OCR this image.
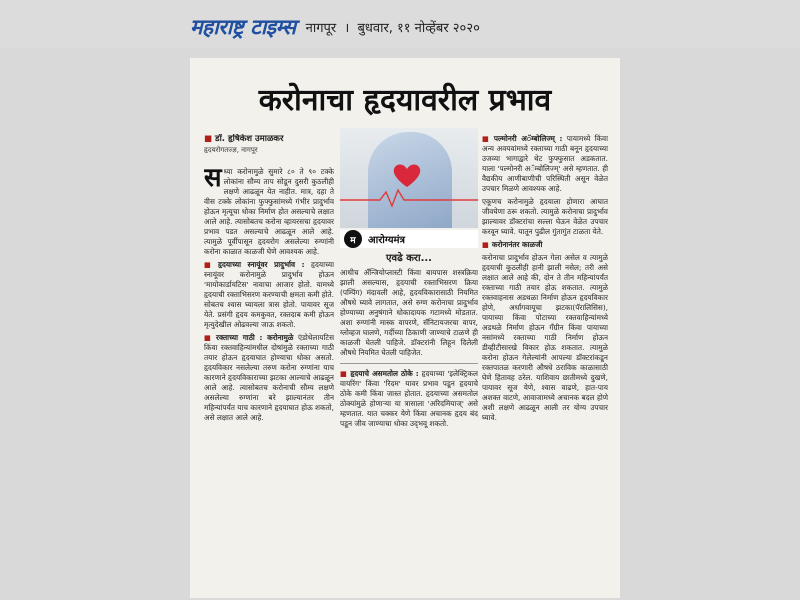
महाराष्ट्र टाइम्स नागपूर । बुधवार, ११ नोव्हेंबर २०२०
करोनाचा हृदयावरील प्रभाव
■ डॉ. हृषिकेश उमाळकर
हृदयरोगतज्ज्ञ, नागपूर

सध्या करोनामुळे सुमारे ८० ते ९० टक्के लोकांना सौम्य ताप सोडून दुसरी कुठलीही लक्षणे आढळून येत नाहीत. मात्र, दहा ते वीस टक्के लोकांना फुफ्फुसांमध्ये गंभीर प्रादुर्भाव होऊन मृत्यूचा धोका निर्माण होत असल्याचे लक्षात आले आहे. त्यासोबतच करोना व्हायरसचा हृदयावर प्रभाव पडत असल्याचे आढळून आले आहे. त्यामुळे पूर्वीपासून हृदयरोग असलेल्या रुग्णांनी करोना काळात काळजी घेणे आवश्यक आहे.

■ हृदयाच्या स्नायूंवर प्रादुर्भाव : हृदयाच्या स्नायूंवर करोनामुळे प्रादुर्भाव होऊन 'मायोकार्डायटिस' नावाचा आजार होतो. यामध्ये हृदयाची रक्ताभिसरण करण्याची क्षमता कमी होते. सोबतच श्वास घ्यायला त्रास होतो. पायावर सूज येते. प्रसंगी हृदय कमकुवत, रक्तदाब कमी होऊन मृत्युदेखील ओढवल्या जाऊ शकतो.

■ रक्ताच्या गाठी : करोनामुळे एंडोथेलायटिस किंवा रक्तवाहिन्यांमधील दोषांमुळे रक्ताच्या गाठी तयार होऊन हृदयाघात होण्याचा धोका असतो. हृदयविकार नसलेल्या तरुण करोना रुग्णांना याच कारणाने हृदयविकाराच्या झटका आल्याचे आढळून आले आहे. त्यासोबतच करोनाची सौम्य लक्षणे असलेल्या रुग्णांना बरे झाल्यानंतर तीन महिन्यांपर्यंत याच कारणाने हृदयाघात होऊ शकतो, असे लक्षात आले आहे.

म	आरोग्यमंत्र
एवढे करा...

आधीच अँन्जियोप्लास्टी किंवा बायपास शस्त्रक्रिया झाली असल्यास, हृदयाची रक्ताभिसरण क्रिया (पम्पिंग) मंदावली आहे, हृदयविकारासाठी नियमित औषधे घ्यावे लागतात, असे रुग्ण करोनाचा प्रादुर्भाव होण्याच्या अनुषंगाने धोकादायक गटामध्ये मोडतात. अशा रुग्णांनी मास्क वापरणे, सॅनिटायजरचा वापर, ग्लोव्हज घालणे, गर्दीच्या ठिकाणी जाण्याचे टाळणे ही काळजी घेतली पाहिजे. डॉक्टरांनी लिहून दिलेली औषधे नियमित घेतली पाहिजेत.

■ हृदयाचे असमतोल ठोके : हृदयाच्या 'इलेक्ट्रिकल वायरिंग' किंवा 'रिदम' यावर प्रभाव पडून हृदयाचे ठोके कमी किंवा जास्त होतात. हृदयाच्या असमतोल ठोक्यांमुळे होणाऱ्या या त्रासाला 'अरिदमियाज्' असे म्हणतात. यात चक्कर येणे किंवा अचानक हृदय बंद पडून जीव जाण्याचा धोका उद्‌भवू शकतो.

■ पल्मोनरी अॅम्बोलिज्म् : पायामध्ये किंवा अन्य अवयवांमध्ये रक्ताच्या गाठी बनून हृदयाच्या उजव्या भागाद्वारे थेट फुफ्फुसात अडकतात. याला 'पल्मोनरी अॅम्बोलिज्म्' असे म्हणतात. ही वैद्यकीय आणीबाणीची परिस्थिती असून वेळेत उपचार मिळणे आवश्यक आहे.

एकूणच करोनामुळे हृदयाला होणारा आघात जीवघेणा ठरू शकतो. त्यामुळे करोनाचा प्रादुर्भाव झाल्यावर डॉक्टरांचा सल्ला घेऊन वेळेत उपचार करवून घ्यावे. यातून पुढील गुंतागुंत टाळता येते.

■ करोनानंतर काळजी

करोनाचा प्रादुर्भाव होऊन गेला असेल व त्यामुळे हृदयाची कुठलीही हानी झाली नसेल; तरी असे लक्षात आले आहे की, दोन ते तीन महिन्यांपर्यंत रक्ताच्या गाठी तयार होऊ शकतात. त्यामुळे रक्तवाहनास अडथळा निर्माण होऊन हृदयविकार होणे, अर्धांगवायूचा झटका(पॅरालिसिस), पायाच्या किंवा पोटाच्या रक्तवाहिन्यांमध्ये अडथळे निर्माण होऊन गँग्रीन किंवा पायाच्या नसांमध्ये रक्ताच्या गाठी निर्माण होऊन डीव्हीटीसारखे विकार होऊ शकतात. त्यामुळे करोना होऊन गेलेल्यांनी आपल्या डॉक्टरांकडून रक्तपातळ करणारी औषधे ठराविक काळासाठी घेणे हितावह ठरेल. याशिवाय छातीमध्ये दुखणे, पायावर सूज येणे, श्वास वाढणे, हात-पाय अशक्त वाटणे, आवाजामध्ये अचानक बदल होणे अशी लक्षणे आढळून आली तर योग्य उपचार घ्यावे.
